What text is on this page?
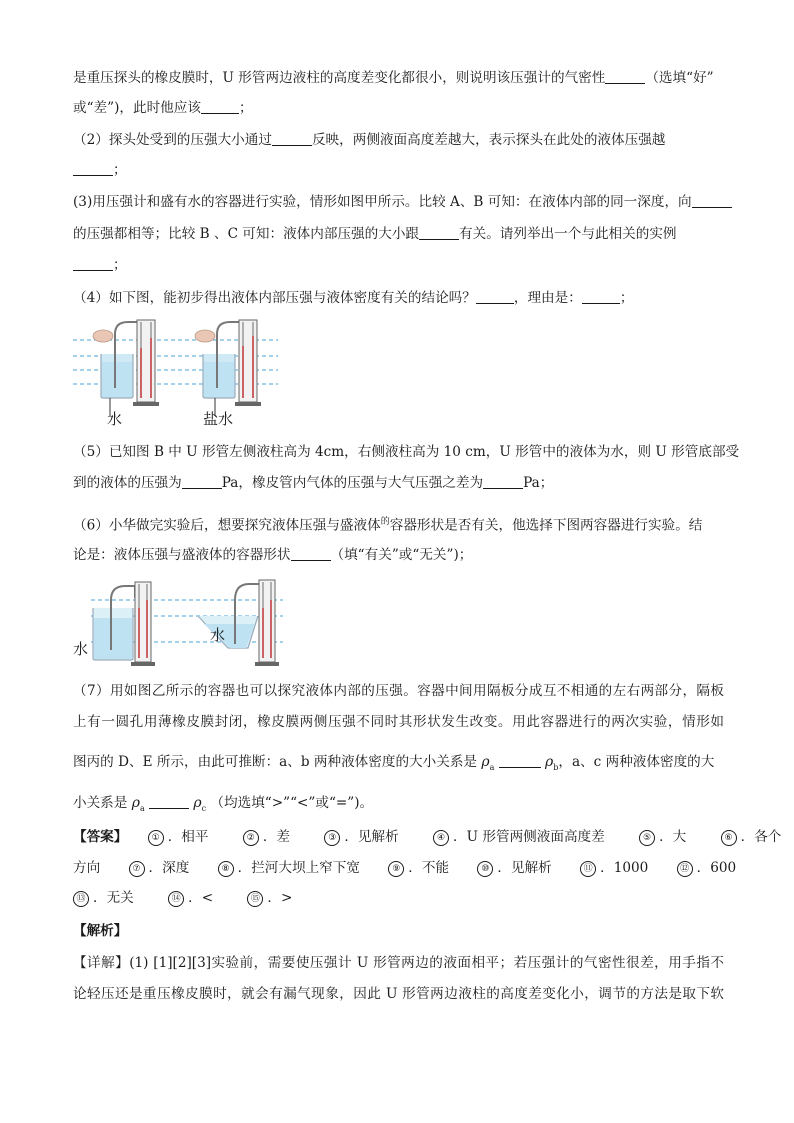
是重压探头的橡皮膜时，U 形管两边液柱的高度差变化都很小，则说明该压强计的气密性	（选填“好”
或“差”)，此时他应该	；
（2）探头处受到的压强大小通过	反映，两侧液面高度差越大，表示探头在此处的液体压强越
；
(3)用压强计和盛有水的容器进行实验，情形如图甲所示。比较 A、B 可知：在液体内部的同一深度，向
的压强都相等；比较 B 、C 可知：液体内部压强的大小跟	有关。请列举出一个与此相关的实例
；
（4）如下图，能初步得出液体内部压强与液体密度有关的结论吗？	，理由是：	；
水	盐水
（5）已知图 B 中 U 形管左侧液柱高为 4cm，右侧液柱高为 10 cm，U 形管中的液体为水，则 U 形管底部受
到的液体的压强为	Pa，橡皮管内气体的压强与大气压强之差为	Pa；
（6）小华做完实验后，想要探究液体压强与盛液体$^的$容器形状是否有关，他选择下图两容器进行实验。结
论是：液体压强与盛液体的容器形状	（填“有关”或“无关”)；
水
水
（7）用如图乙所示的容器也可以探究液体内部的压强。容器中间用隔板分成互不相通的左右两部分，隔板
上有一圆孔用薄橡皮膜封闭，橡皮膜两侧压强不同时其形状发生改变。用此容器进行的两次实验，情形如
图丙的 D、E 所示，由此可推断：a、b 两种液体密度的大小关系是 $\rho_a$	$\rho_b$，a、c 两种液体密度的大
小关系是 $\rho_a$	$\rho_c$ （均选填“>”“<”或“=”)。
【答案】	① ．相平	② ．差	③ ．见解析	④ ．U 形管两侧液面高度差	⑤ ．大	⑥ ．各个
方向	⑦ ．深度	⑧ ．拦河大坝上窄下宽	⑨ ．不能	⑩ ．见解析	⑪ ．1000	⑫ ．600
⑬ ．无关	⑭ ．<	⑮ ．>
【解析】
【详解】(1) [1][2][3]实验前，需要使压强计 U 形管两边的液面相平；若压强计的气密性很差，用手指不
论轻压还是重压橡皮膜时，就会有漏气现象，因此 U 形管两边液柱的高度差变化小，调节的方法是取下软
